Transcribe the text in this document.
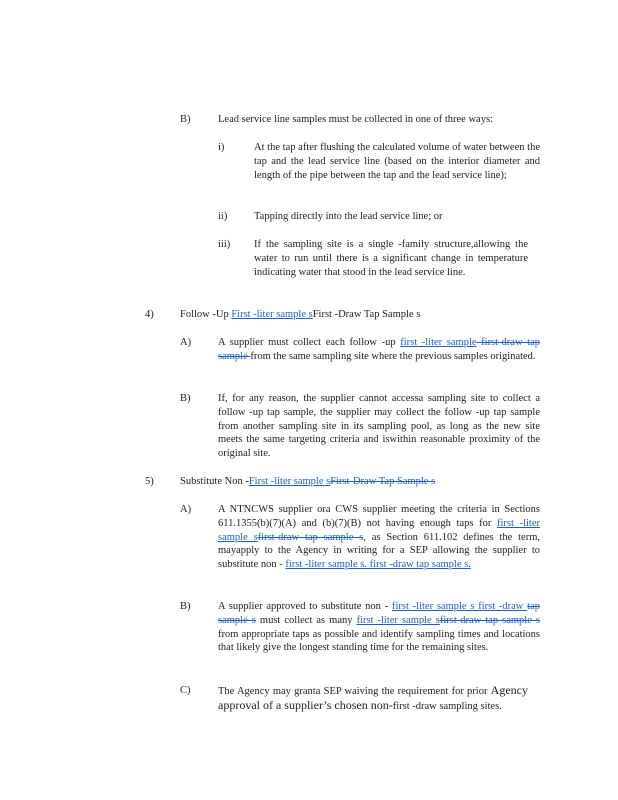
B)	Lead service line samples must be collected in one of three ways:
i)	At the tap after flushing the calculated volume of water between the tap and the lead service line (based on the interior diameter and length of the pipe between the tap and the lead service line);
ii)	Tapping directly into the lead service line; or
iii) If the sampling site is a single -family structure,allowing the water to run until there is a significant change in temperature indicating water that stood in the lead service line.
4)	Follow -Up First -liter sample sFirst -Draw Tap Sample s
A)	A supplier must collect each follow -up first -liter sample first-draw tap sample from the same sampling site where the previous samples originated.
B)	If, for any reason, the supplier cannot accessa sampling site to collect a follow -up tap sample, the supplier may collect the follow -up tap sample from another sampling site in its sampling pool, as long as the new site meets the same targeting criteria and iswithin reasonable proximity of the original site.
5)	Substitute Non -First -liter sample sFirst-Draw Tap Sample s
A)	A NTNCWS supplier ora CWS supplier meeting the criteria in Sections 611.1355(b)(7)(A) and (b)(7)(B) not having enough taps for first -liter sample sfirst-draw tap sample s, as Section 611.102 defines the term, mayapply to the Agency in writing for a SEP allowing the supplier to substitute non - first -liter sample s. first -draw tap sample s.
B)	A supplier approved to substitute non - first -liter sample s first -draw tap sample s must collect as many first -liter sample sfirst-draw tap sample s from appropriate taps as possible and identify sampling times and locations that likely give the longest standing time for the remaining sites.
C)	The Agency may granta SEP waiving the requirement for prior Agency approval of a supplier’s chosen non-first -draw sampling sites.
